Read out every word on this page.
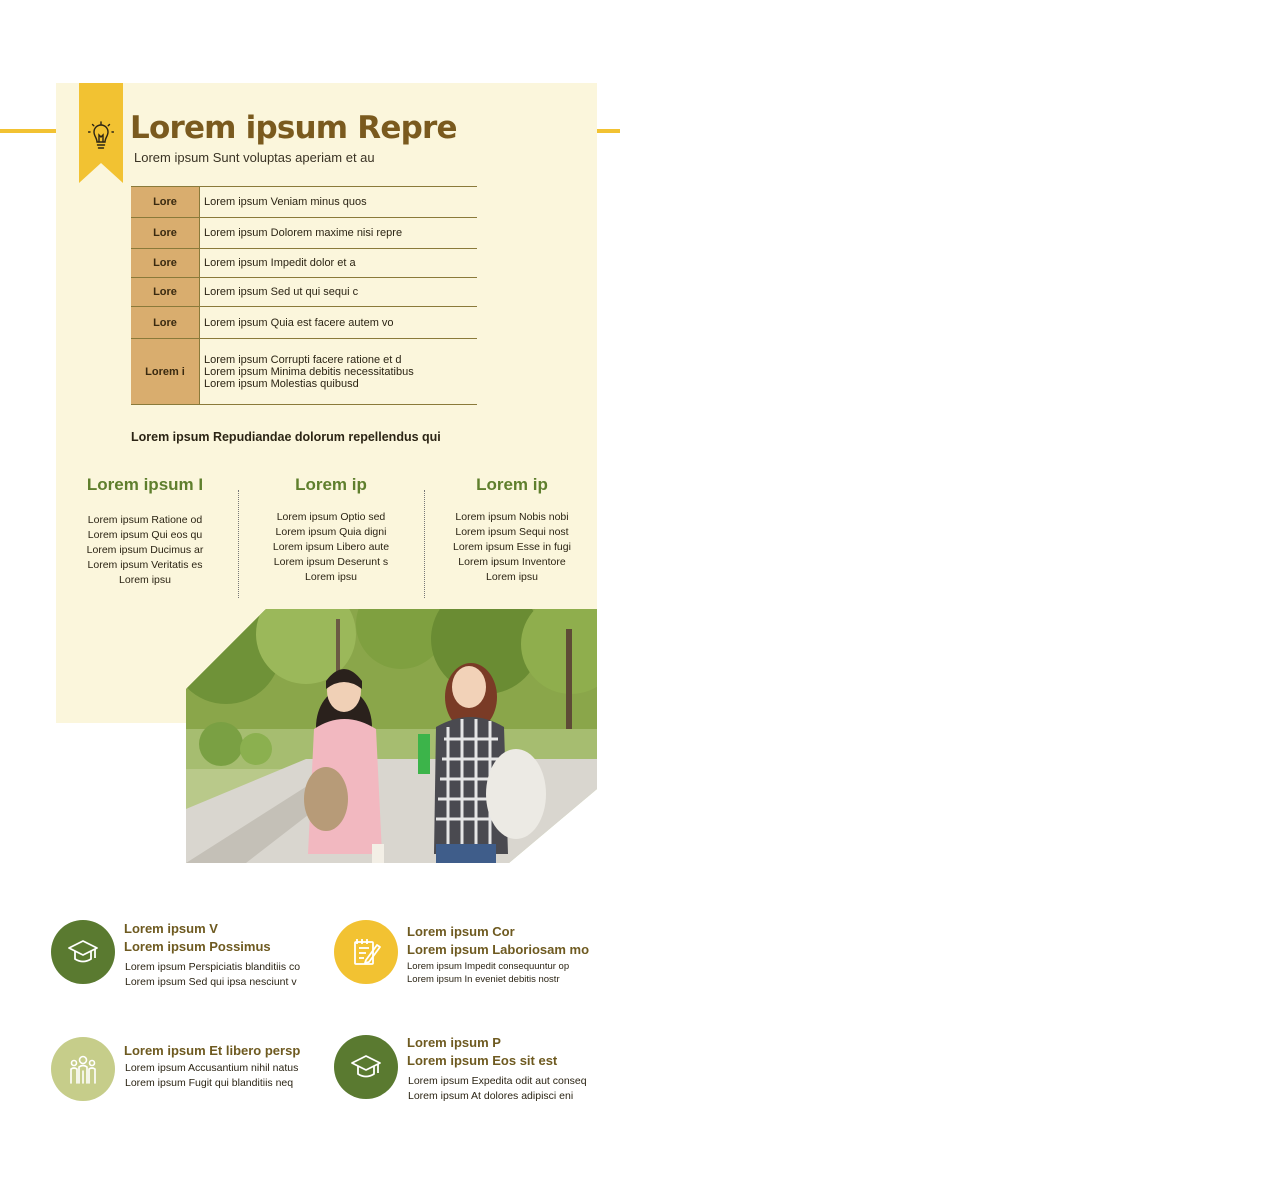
Lorem ipsum Repre
Lorem ipsum Sunt voluptas aperiam et au
Lore	Lorem ipsum Veniam minus quos
Lore	Lorem ipsum Dolorem maxime nisi repre
Lore	Lorem ipsum Impedit dolor et a
Lore	Lorem ipsum Sed ut qui sequi c
Lore	Lorem ipsum Quia est facere autem vo
Lorem i	Lorem ipsum Corrupti facere ratione et d
Lorem ipsum Minima debitis necessitatibus
Lorem ipsum Molestias quibusd
Lorem ipsum Repudiandae dolorum repellendus qui
Lorem ipsum I

Lorem ipsum Ratione od

Lorem ipsum Qui eos qu

Lorem ipsum Ducimus ar

Lorem ipsum Veritatis es

Lorem ipsu

Lorem ip

Lorem ipsum Optio sed

Lorem ipsum Quia digni

Lorem ipsum Libero aute

Lorem ipsum Deserunt s

Lorem ipsu

Lorem ip

Lorem ipsum Nobis nobi

Lorem ipsum Sequi nost

Lorem ipsum Esse in fugi

Lorem ipsum Inventore

Lorem ipsu

Lorem ipsum V
Lorem ipsum Possimus
Lorem ipsum Perspiciatis blanditiis co
Lorem ipsum Sed qui ipsa nesciunt v
Lorem ipsum Cor
Lorem ipsum Laboriosam mo
Lorem ipsum Impedit consequuntur op
Lorem ipsum In eveniet debitis nostr
Lorem ipsum Et libero persp
Lorem ipsum Accusantium nihil natus
Lorem ipsum Fugit qui blanditiis neq
Lorem ipsum P
Lorem ipsum Eos sit est
Lorem ipsum Expedita odit aut conseq
Lorem ipsum At dolores adipisci eni
